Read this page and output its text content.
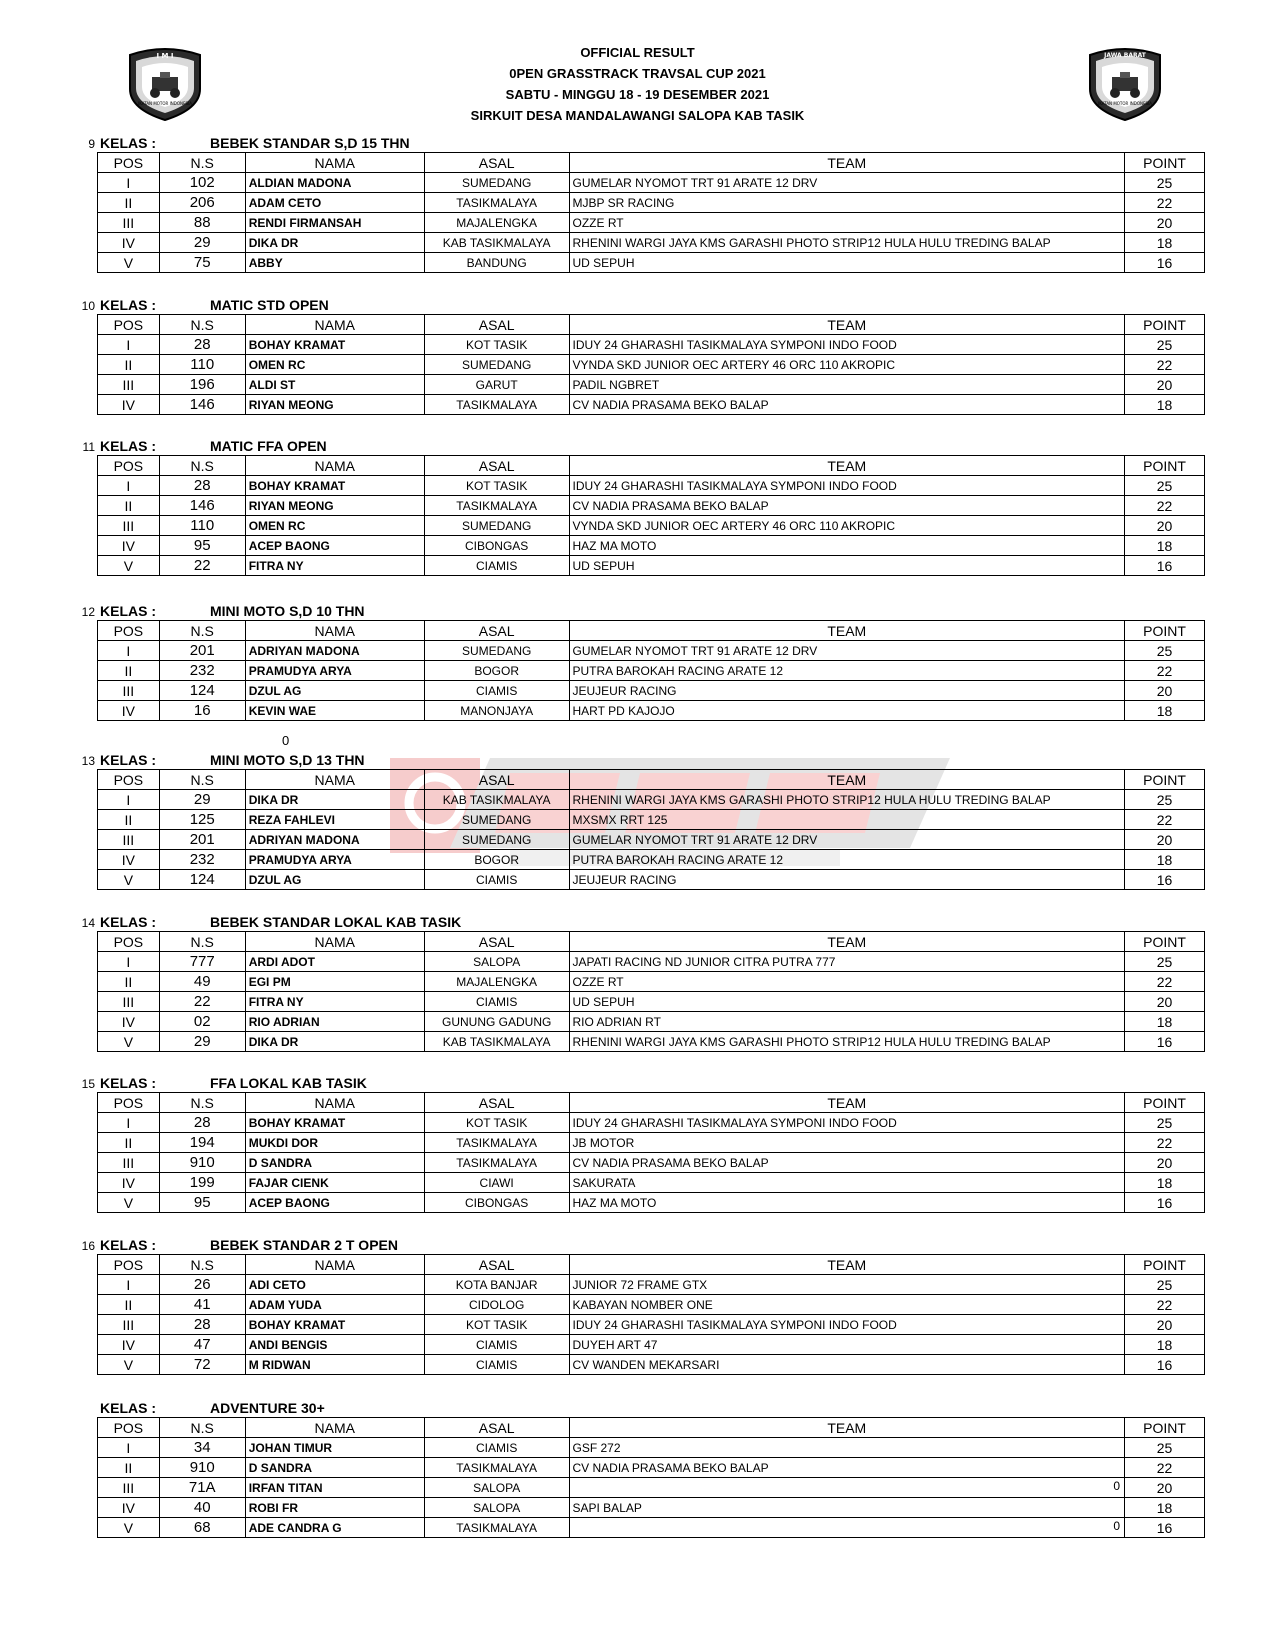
OFFICIAL RESULT
0PEN GRASSTRACK TRAVSAL CUP 2021
SABTU - MINGGU 18 - 19 DESEMBER 2021
SIRKUIT DESA MANDALAWANGI SALOPA KAB TASIK
I M I
IKATAN MOTOR INDONESIA
JAWA BARAT
IKATAN MOTOR INDONESIA
0
9 KELAS :	BEBEK STANDAR S,D 15 THN
POS	N.S	NAMA	ASAL	TEAM	POINT
I	102	ALDIAN MADONA	SUMEDANG	GUMELAR NYOMOT TRT 91 ARATE 12 DRV	25
II	206	ADAM CETO	TASIKMALAYA	MJBP SR RACING	22
III	88	RENDI FIRMANSAH	MAJALENGKA	OZZE RT	20
IV	29	DIKA DR	KAB TASIKMALAYA	RHENINI WARGI JAYA KMS GARASHI PHOTO STRIP12 HULA HULU TREDING BALAP	18
V	75	ABBY	BANDUNG	UD SEPUH	16
10 KELAS :	MATIC STD OPEN
POS	N.S	NAMA	ASAL	TEAM	POINT
I	28	BOHAY KRAMAT	KOT TASIK	IDUY 24 GHARASHI TASIKMALAYA SYMPONI INDO FOOD	25
II	110	OMEN RC	SUMEDANG	VYNDA SKD JUNIOR OEC ARTERY 46 ORC 110 AKROPIC	22
III	196	ALDI ST	GARUT	PADIL NGBRET	20
IV	146	RIYAN MEONG	TASIKMALAYA	CV NADIA PRASAMA BEKO BALAP	18
11 KELAS :	MATIC FFA OPEN
POS	N.S	NAMA	ASAL	TEAM	POINT
I	28	BOHAY KRAMAT	KOT TASIK	IDUY 24 GHARASHI TASIKMALAYA SYMPONI INDO FOOD	25
II	146	RIYAN MEONG	TASIKMALAYA	CV NADIA PRASAMA BEKO BALAP	22
III	110	OMEN RC	SUMEDANG	VYNDA SKD JUNIOR OEC ARTERY 46 ORC 110 AKROPIC	20
IV	95	ACEP BAONG	CIBONGAS	HAZ MA MOTO	18
V	22	FITRA NY	CIAMIS	UD SEPUH	16
12 KELAS :	MINI MOTO S,D 10 THN
POS	N.S	NAMA	ASAL	TEAM	POINT
I	201	ADRIYAN MADONA	SUMEDANG	GUMELAR NYOMOT TRT 91 ARATE 12 DRV	25
II	232	PRAMUDYA ARYA	BOGOR	PUTRA BAROKAH RACING ARATE 12	22
III	124	DZUL AG	CIAMIS	JEUJEUR RACING	20
IV	16	KEVIN WAE	MANONJAYA	HART PD KAJOJO	18
13 KELAS :	MINI MOTO S,D 13 THN
POS	N.S	NAMA	ASAL	TEAM	POINT
I	29	DIKA DR	KAB TASIKMALAYA	RHENINI WARGI JAYA KMS GARASHI PHOTO STRIP12 HULA HULU TREDING BALAP	25
II	125	REZA FAHLEVI	SUMEDANG	MXSMX RRT 125	22
III	201	ADRIYAN MADONA	SUMEDANG	GUMELAR NYOMOT TRT 91 ARATE 12 DRV	20
IV	232	PRAMUDYA ARYA	BOGOR	PUTRA BAROKAH RACING ARATE 12	18
V	124	DZUL AG	CIAMIS	JEUJEUR RACING	16
14 KELAS :	BEBEK STANDAR LOKAL KAB TASIK
POS	N.S	NAMA	ASAL	TEAM	POINT
I	777	ARDI ADOT	SALOPA	JAPATI RACING ND JUNIOR CITRA PUTRA 777	25
II	49	EGI PM	MAJALENGKA	OZZE RT	22
III	22	FITRA NY	CIAMIS	UD SEPUH	20
IV	02	RIO ADRIAN	GUNUNG GADUNG	RIO ADRIAN RT	18
V	29	DIKA DR	KAB TASIKMALAYA	RHENINI WARGI JAYA KMS GARASHI PHOTO STRIP12 HULA HULU TREDING BALAP	16
15 KELAS :	FFA LOKAL KAB TASIK
POS	N.S	NAMA	ASAL	TEAM	POINT
I	28	BOHAY KRAMAT	KOT TASIK	IDUY 24 GHARASHI TASIKMALAYA SYMPONI INDO FOOD	25
II	194	MUKDI DOR	TASIKMALAYA	JB MOTOR	22
III	910	D SANDRA	TASIKMALAYA	CV NADIA PRASAMA BEKO BALAP	20
IV	199	FAJAR CIENK	CIAWI	SAKURATA	18
V	95	ACEP BAONG	CIBONGAS	HAZ MA MOTO	16
16 KELAS :	BEBEK STANDAR 2 T OPEN
POS	N.S	NAMA	ASAL	TEAM	POINT
I	26	ADI CETO	KOTA BANJAR	JUNIOR 72 FRAME GTX	25
II	41	ADAM YUDA	CIDOLOG	KABAYAN NOMBER ONE	22
III	28	BOHAY KRAMAT	KOT TASIK	IDUY 24 GHARASHI TASIKMALAYA SYMPONI INDO FOOD	20
IV	47	ANDI BENGIS	CIAMIS	DUYEH ART 47	18
V	72	M RIDWAN	CIAMIS	CV WANDEN MEKARSARI	16
KELAS :	ADVENTURE 30+
POS	N.S	NAMA	ASAL	TEAM	POINT
I	34	JOHAN TIMUR	CIAMIS	GSF 272	25
II	910	D SANDRA	TASIKMALAYA	CV NADIA PRASAMA BEKO BALAP	22
III	71A	IRFAN TITAN	SALOPA	0	20
IV	40	ROBI FR	SALOPA	SAPI BALAP	18
V	68	ADE CANDRA G	TASIKMALAYA	0	16
